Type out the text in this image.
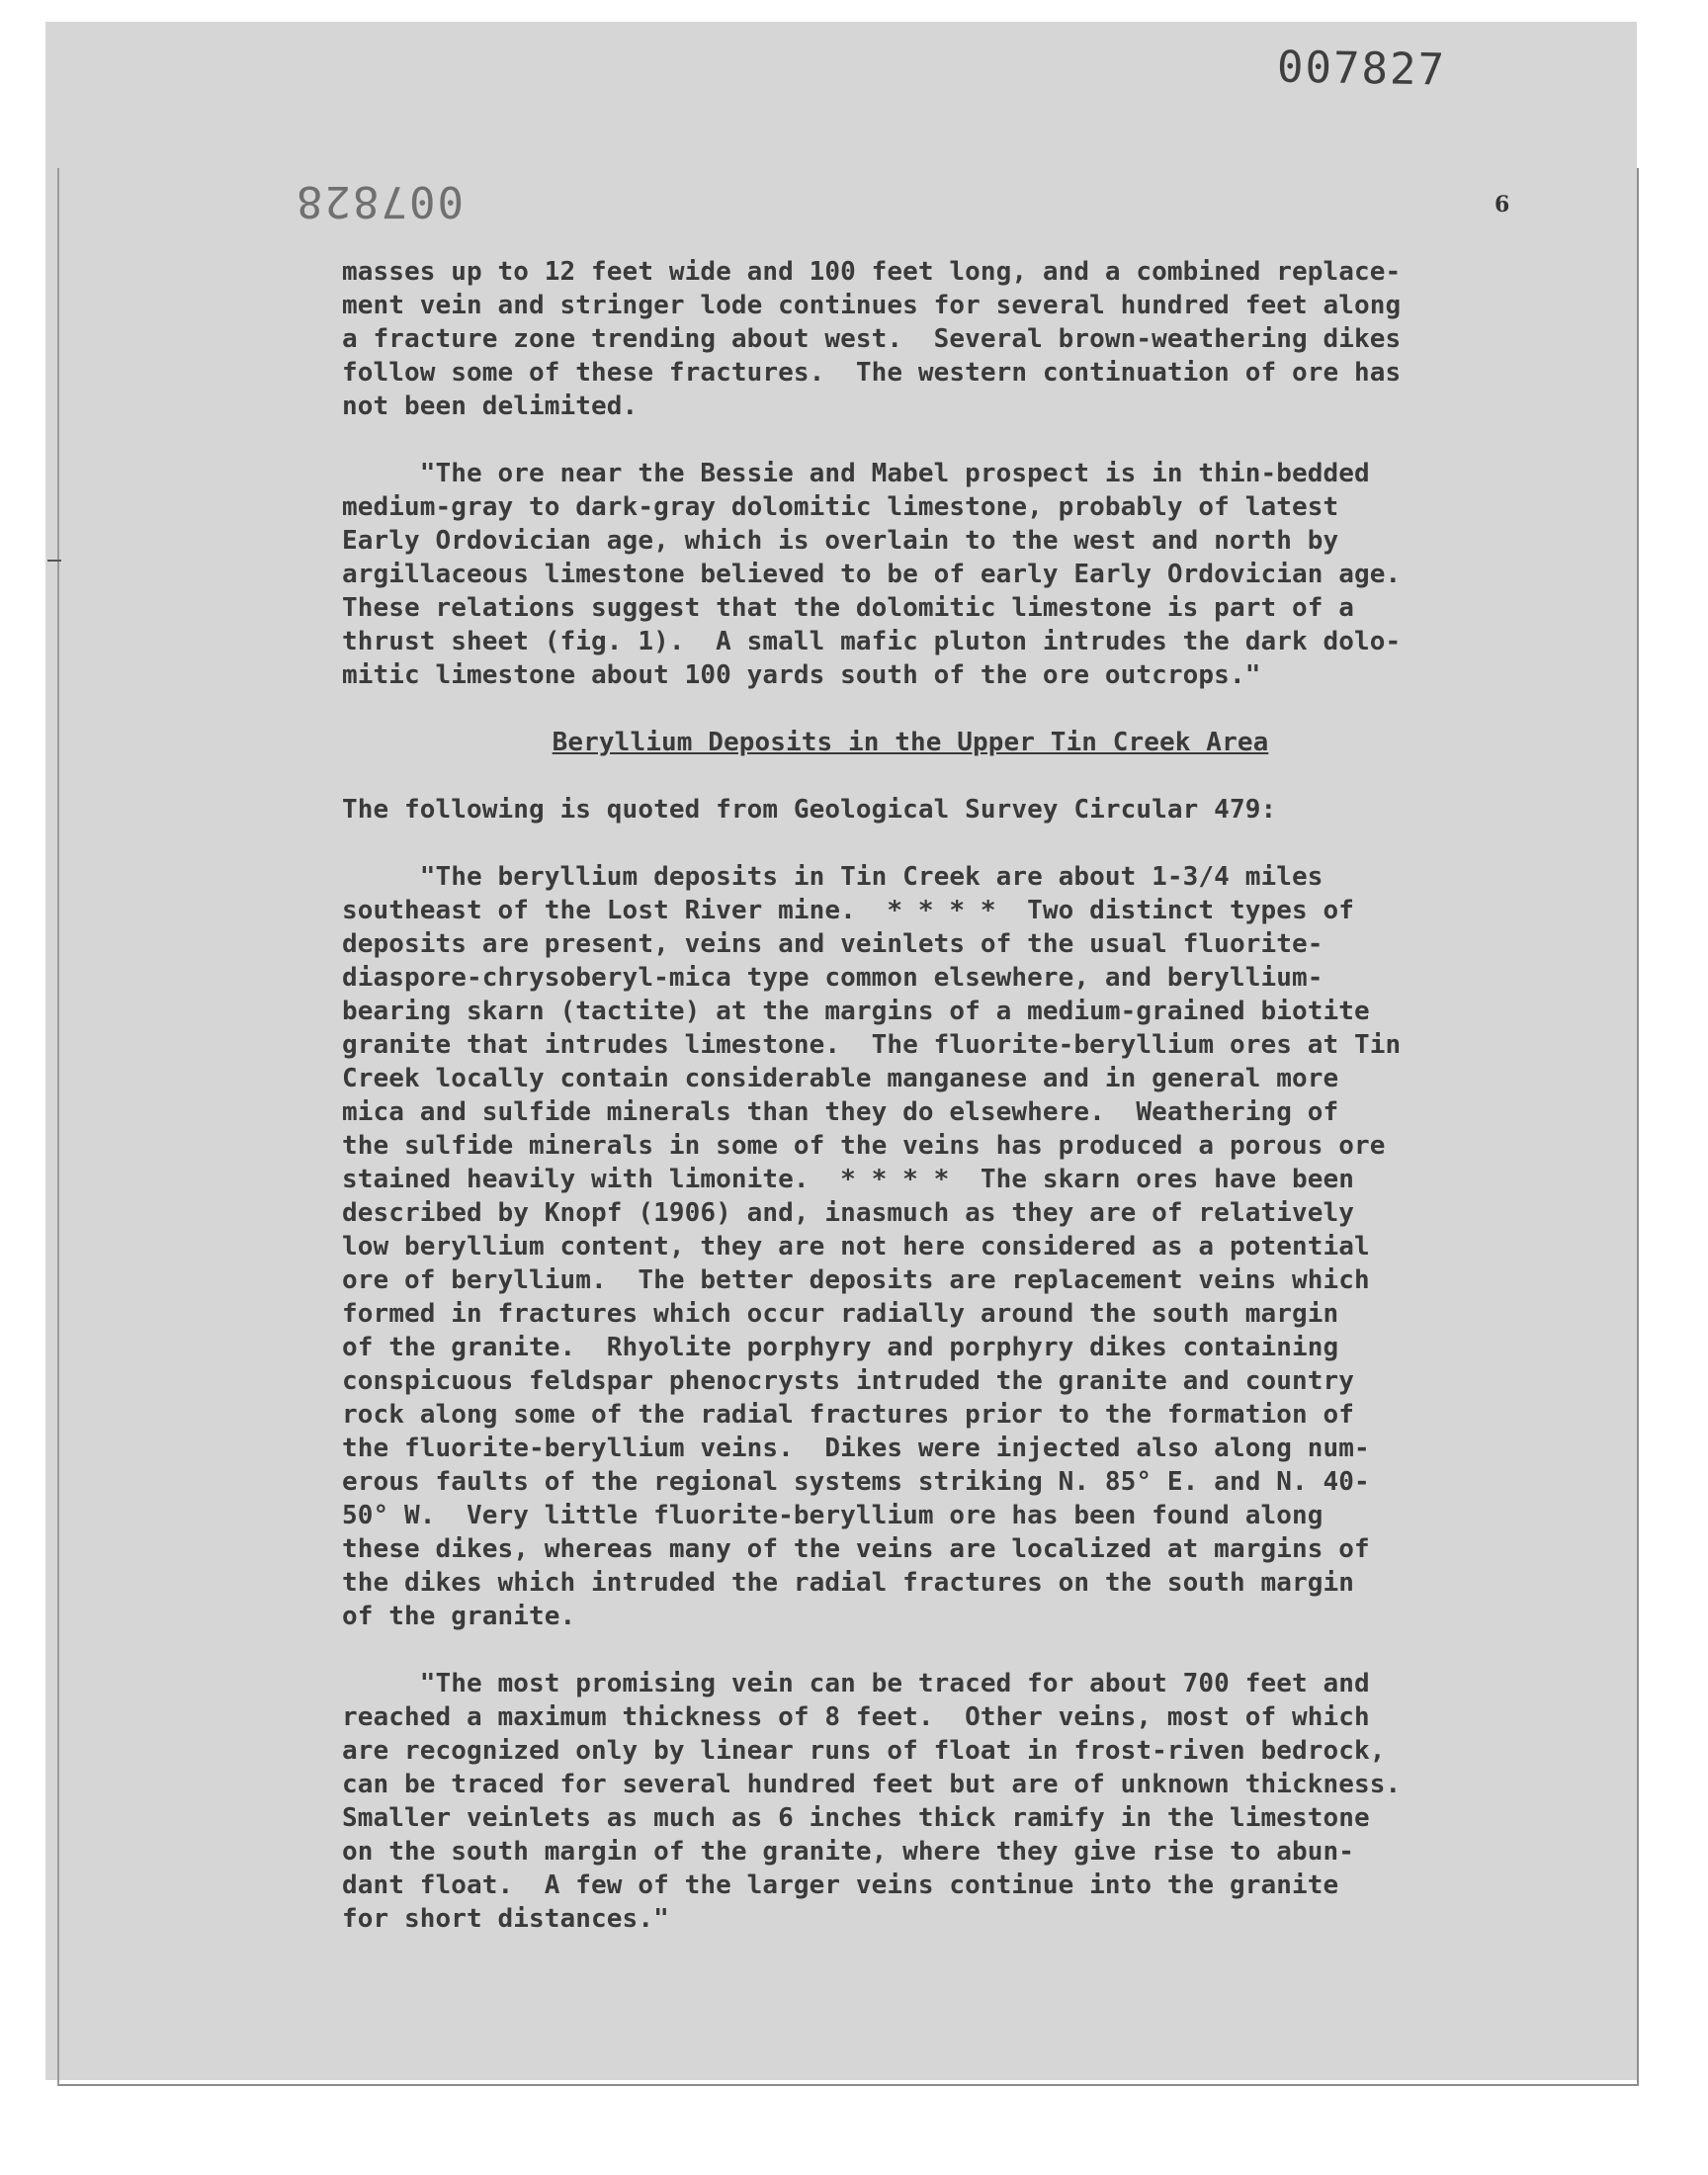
007827
007828	6
masses up to 12 feet wide and 100 feet long, and a combined replace-
ment vein and stringer lode continues for several hundred feet along
a fracture zone trending about west.  Several brown-weathering dikes
follow some of these fractures.  The western continuation of ore has
not been delimited.
"The ore near the Bessie and Mabel prospect is in thin-bedded
medium-gray to dark-gray dolomitic limestone, probably of latest
Early Ordovician age, which is overlain to the west and north by
argillaceous limestone believed to be of early Early Ordovician age.
These relations suggest that the dolomitic limestone is part of a
thrust sheet (fig. 1).  A small mafic pluton intrudes the dark dolo-
mitic limestone about 100 yards south of the ore outcrops."
Beryllium Deposits in the Upper Tin Creek Area
The following is quoted from Geological Survey Circular 479:
"The beryllium deposits in Tin Creek are about 1-3/4 miles
southeast of the Lost River mine.  * * * *  Two distinct types of
deposits are present, veins and veinlets of the usual fluorite-
diaspore-chrysoberyl-mica type common elsewhere, and beryllium-
bearing skarn (tactite) at the margins of a medium-grained biotite
granite that intrudes limestone.  The fluorite-beryllium ores at Tin
Creek locally contain considerable manganese and in general more
mica and sulfide minerals than they do elsewhere.  Weathering of
the sulfide minerals in some of the veins has produced a porous ore
stained heavily with limonite.  * * * *  The skarn ores have been
described by Knopf (1906) and, inasmuch as they are of relatively
low beryllium content, they are not here considered as a potential
ore of beryllium.  The better deposits are replacement veins which
formed in fractures which occur radially around the south margin
of the granite.  Rhyolite porphyry and porphyry dikes containing
conspicuous feldspar phenocrysts intruded the granite and country
rock along some of the radial fractures prior to the formation of
the fluorite-beryllium veins.  Dikes were injected also along num-
erous faults of the regional systems striking N. 85° E. and N. 40-
50° W.  Very little fluorite-beryllium ore has been found along
these dikes, whereas many of the veins are localized at margins of
the dikes which intruded the radial fractures on the south margin
of the granite.
"The most promising vein can be traced for about 700 feet and
reached a maximum thickness of 8 feet.  Other veins, most of which
are recognized only by linear runs of float in frost-riven bedrock,
can be traced for several hundred feet but are of unknown thickness.
Smaller veinlets as much as 6 inches thick ramify in the limestone
on the south margin of the granite, where they give rise to abun-
dant float.  A few of the larger veins continue into the granite
for short distances."
